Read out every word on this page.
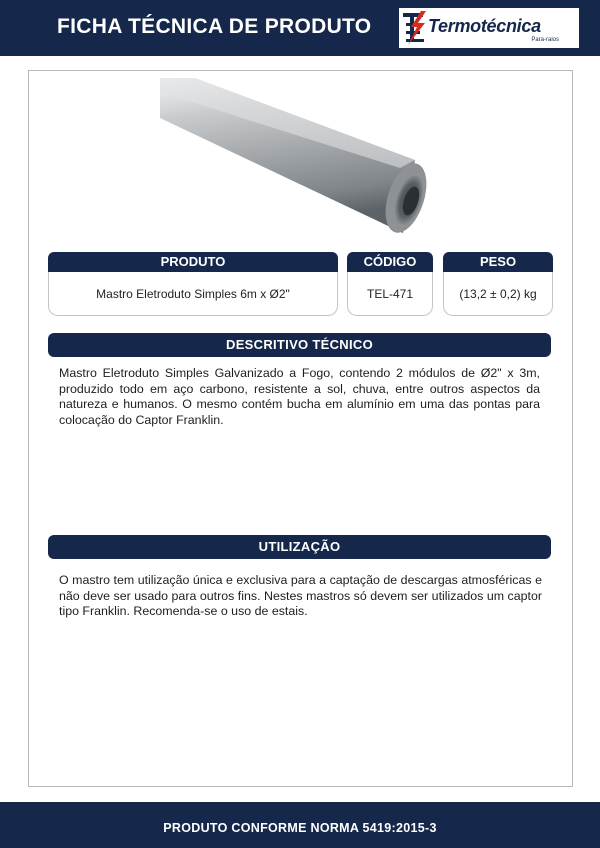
FICHA TÉCNICA DE PRODUTO	Termotécnica
Para-raios
PRODUTO	CÓDIGO	PESO
Mastro Eletroduto Simples 6m x Ø2"	TEL-471	(13,2 ± 0,2) kg
DESCRITIVO TÉCNICO
Mastro Eletroduto Simples Galvanizado a Fogo, contendo 2 módulos de Ø2" x 3m, produzido todo em aço carbono, resistente a sol, chuva, entre outros aspectos da natureza e humanos. O mesmo contém bucha em alumínio em uma das pontas para colocação do Captor Franklin.
UTILIZAÇÃO
O mastro tem utilização única e exclusiva para a captação de descargas atmosféricas e não deve ser usado para outros fins. Nestes mastros só devem ser utilizados um captor tipo Franklin. Recomenda-se o uso de estais.
PRODUTO CONFORME NORMA 5419:2015-3
